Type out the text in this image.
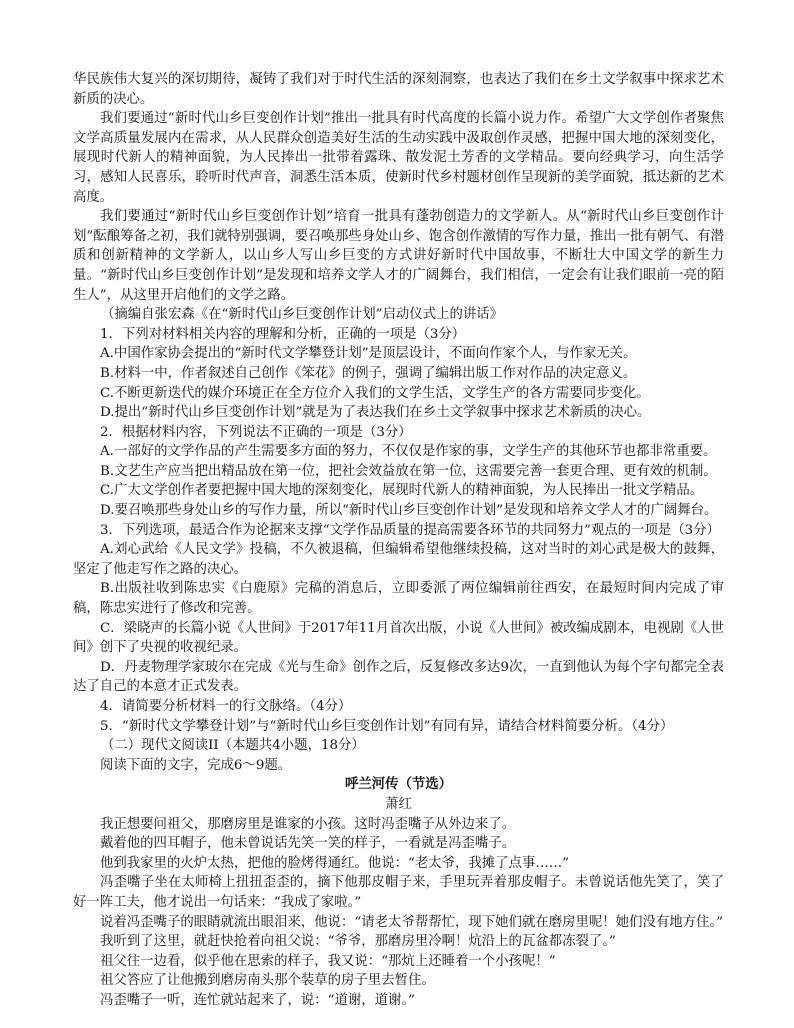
华民族伟大复兴的深切期待，凝铸了我们对于时代生活的深刻洞察，也表达了我们在乡土文学叙事中探求艺术新质的决心。

我们要通过“新时代山乡巨变创作计划”推出一批具有时代高度的长篇小说力作。希望广大文学创作者聚焦文学高质量发展内在需求，从人民群众创造美好生活的生动实践中汲取创作灵感，把握中国大地的深刻变化，展现时代新人的精神面貌，为人民捧出一批带着露珠、散发泥土芳香的文学精品。要向经典学习，向生活学习，感知人民喜乐，聆听时代声音，洞悉生活本质，使新时代乡村题材创作呈现新的美学面貌，抵达新的艺术高度。

我们要通过“新时代山乡巨变创作计划”培育一批具有蓬勃创造力的文学新人。从“新时代山乡巨变创作计划”酝酿筹备之初，我们就特别强调，要召唤那些身处山乡、饱含创作激情的写作力量，推出一批有朝气、有潜质和创新精神的文学新人，以山乡人写山乡巨变的方式讲好新时代中国故事，不断壮大中国文学的新生力量。“新时代山乡巨变创作计划”是发现和培养文学人才的广阔舞台，我们相信，一定会有让我们眼前一亮的陌生人”，从这里开启他们的文学之路。

（摘编自张宏森《在“新时代山乡巨变创作计划”启动仪式上的讲话》

1．下列对材料相关内容的理解和分析，正确的一项是（3分）

A.中国作家协会提出的“新时代文学攀登计划”是顶层设计，不面向作家个人，与作家无关。

B.材料一中，作者叙述自己创作《笨花》的例子，强调了编辑出版工作对作品的决定意义。

C.不断更新迭代的媒介环境正在全方位介入我们的文学生活，文学生产的各方需要同步变化。

D.提出“新时代山乡巨变创作计划”就是为了表达我们在乡土文学叙事中探求艺术新质的决心。

2．根据材料内容，下列说法不正确的一项是（3分）

A.一部好的文学作品的产生需要多方面的努力，不仅仅是作家的事，文学生产的其他环节也都非常重要。

B.文艺生产应当把出精品放在第一位，把社会效益放在第一位，这需要完善一套更合理、更有效的机制。

C.广大文学创作者要把握中国大地的深刻变化，展现时代新人的精神面貌，为人民捧出一批文学精品。

D.要召唤那些身处山乡的写作力量，所以“新时代山乡巨变创作计划”是发现和培养文学人才的广阔舞台。

3．下列选项，最适合作为论据来支撑“文学作品质量的提高需要各环节的共同努力”观点的一项是（3分）

A.刘心武给《人民文学》投稿，不久被退稿，但编辑希望他继续投稿，这对当时的刘心武是极大的鼓舞，坚定了他走写作之路的决心。

B.出版社收到陈忠实《白鹿原》完稿的消息后，立即委派了两位编辑前往西安，在最短时间内完成了审稿，陈忠实进行了修改和完善。

C．梁晓声的长篇小说《人世间》于2017年11月首次出版，小说《人世间》被改编成剧本，电视剧《人世间》创下了央视的收视纪录。

D．丹麦物理学家玻尔在完成《光与生命》创作之后，反复修改多达9次，一直到他认为每个字句都完全表达了自己的本意才正式发表。

4．请简要分析材料一的行文脉络。（4分）

5．“新时代文学攀登计划”与“新时代山乡巨变创作计划”有同有异，请结合材料简要分析。（4分）

（二）现代文阅读II（本题共4小题，18分）

阅读下面的文字，完成6～9题。

呼兰河传（节选）

萧红

我正想要问祖父，那磨房里是谁家的小孩。这时冯歪嘴子从外边来了。

戴着他的四耳帽子，他未曾说话先笑一笑的样子，一看就是冯歪嘴子。

他到我家里的火炉太热，把他的脸烤得通红。他说：“老太爷，我摊了点事……”

冯歪嘴子坐在太师椅上扭扭歪歪的，摘下他那皮帽子来，手里玩弄着那皮帽子。未曾说话他先笑了，笑了好一阵工夫，他才说出一句话来：“我成了家啦。”

说着冯歪嘴子的眼睛就流出眼泪来，他说：“请老太爷帮帮忙，现下她们就在磨房里呢！她们没有地方住。”

我听到了这里，就赶快抢着向祖父说：“爷爷，那磨房里冷啊！炕沿上的瓦盆都冻裂了。”

祖父往一边看，似乎他在思索的样子，我又说：“那炕上还睡着一个小孩呢！”

祖父答应了让他搬到磨房南头那个装草的房子里去暂住。

冯歪嘴子一听，连忙就站起来了，说：“道谢，道谢。”
